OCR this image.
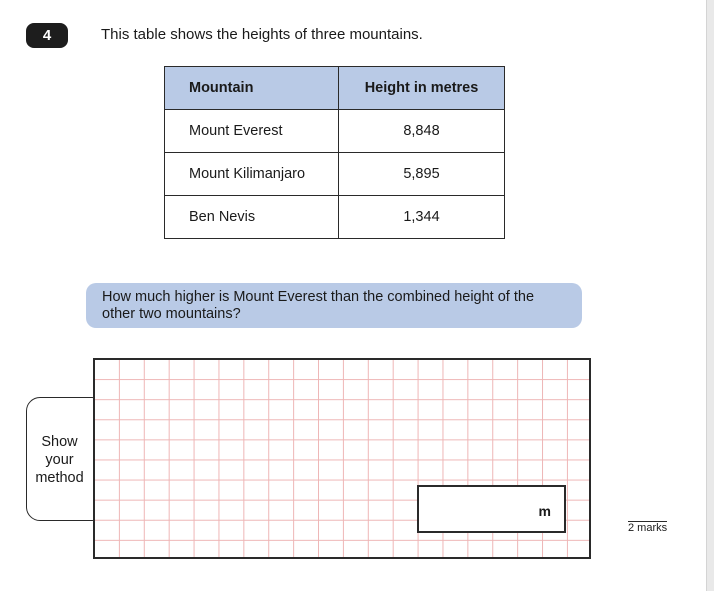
4	This table shows the heights of three mountains.
Mountain	Height in metres
Mount Everest	8,848
Mount Kilimanjaro	5,895
Ben Nevis	1,344
How much higher is Mount Everest than the combined height of the other two mountains?
Show
your
method
m
2 marks
